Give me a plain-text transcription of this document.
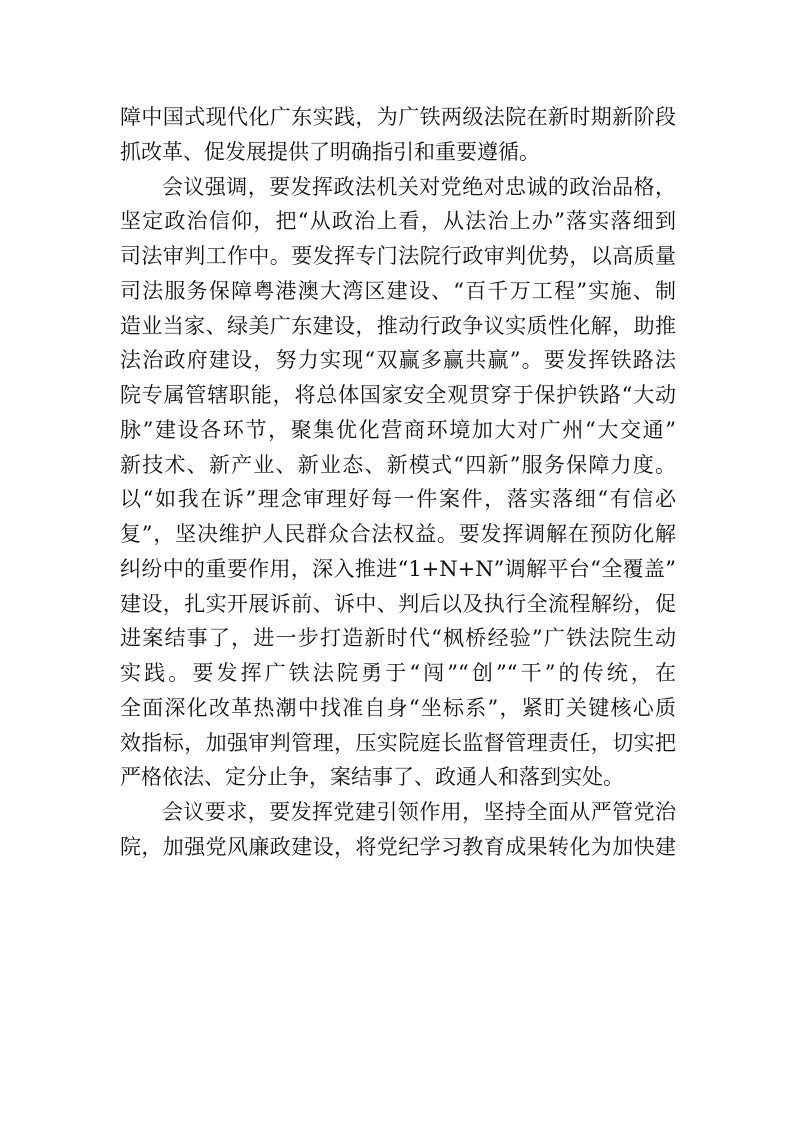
障中国式现代化广东实践，为广铁两级法院在新时期新阶段
抓改革、促发展提供了明确指引和重要遵循。
会议强调，要发挥政法机关对党绝对忠诚的政治品格，
坚定政治信仰，把“从政治上看，从法治上办”落实落细到
司法审判工作中。要发挥专门法院行政审判优势，以高质量
司法服务保障粤港澳大湾区建设、“百千万工程”实施、制
造业当家、绿美广东建设，推动行政争议实质性化解，助推
法治政府建设，努力实现“双赢多赢共赢”。要发挥铁路法
院专属管辖职能，将总体国家安全观贯穿于保护铁路“大动
脉”建设各环节，聚集优化营商环境加大对广州“大交通”
新技术、新产业、新业态、新模式“四新”服务保障力度。
以“如我在诉”理念审理好每一件案件，落实落细“有信必
复”，坚决维护人民群众合法权益。要发挥调解在预防化解
纠纷中的重要作用，深入推进“1+N+N”调解平台“全覆盖”
建设，扎实开展诉前、诉中、判后以及执行全流程解纷，促
进案结事了，进一步打造新时代“枫桥经验”广铁法院生动
实践。要发挥广铁法院勇于“闯”“创”“干”的传统，在
全面深化改革热潮中找准自身“坐标系”，紧盯关键核心质
效指标，加强审判管理，压实院庭长监督管理责任，切实把
严格依法、定分止争，案结事了、政通人和落到实处。
会议要求，要发挥党建引领作用，坚持全面从严管党治
院，加强党风廉政建设，将党纪学习教育成果转化为加快建
